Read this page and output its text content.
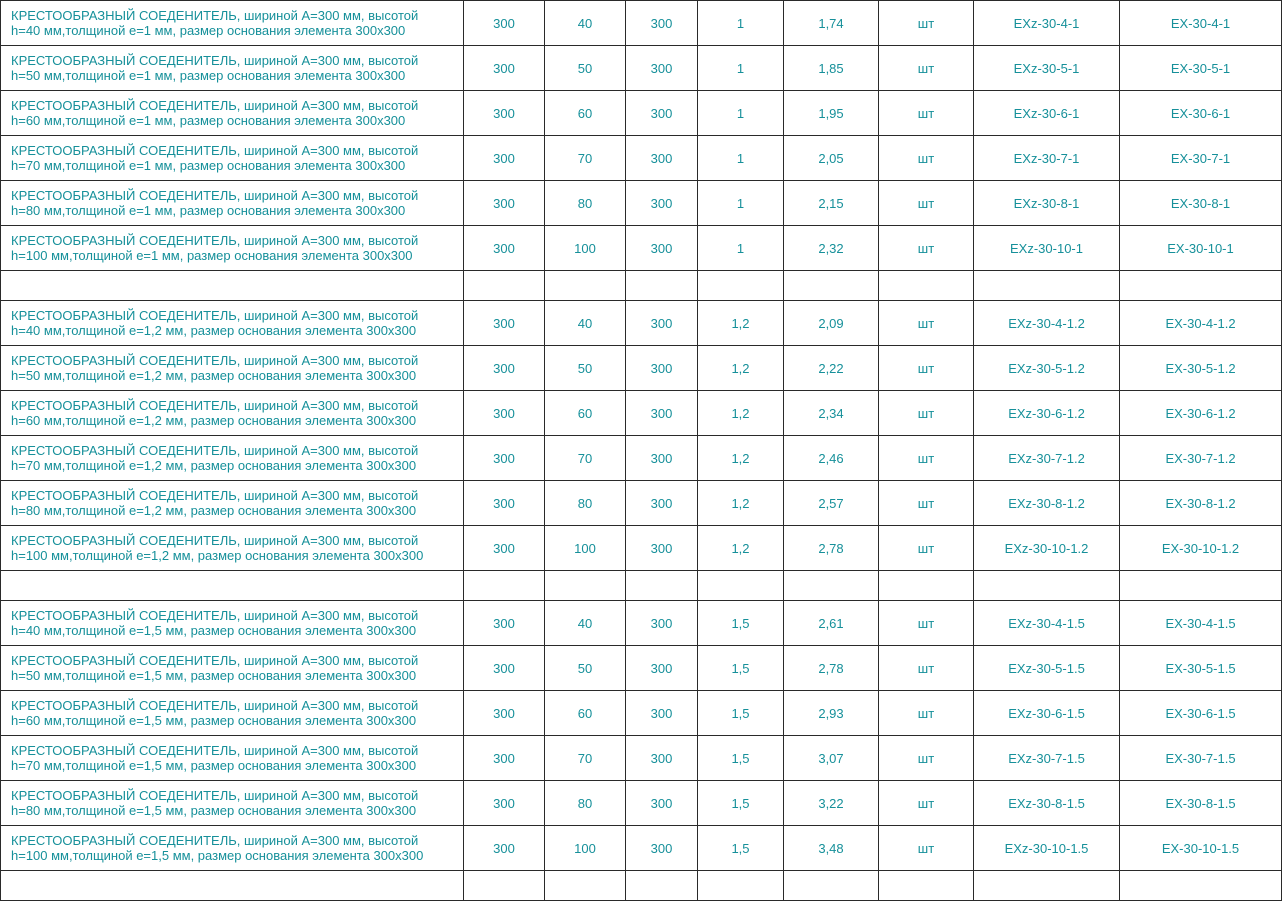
КРЕСТООБРАЗНЫЙ СОЕДЕНИТЕЛЬ, шириной А=300 мм, высотой
h=40 мм,толщиной е=1 мм, размер основания элемента 300х300	300	40	300	1	1,74	шт	EXz-30-4-1	EX-30-4-1

КРЕСТООБРАЗНЫЙ СОЕДЕНИТЕЛЬ, шириной А=300 мм, высотой
h=50 мм,толщиной е=1 мм, размер основания элемента 300х300	300	50	300	1	1,85	шт	EXz-30-5-1	EX-30-5-1

КРЕСТООБРАЗНЫЙ СОЕДЕНИТЕЛЬ, шириной А=300 мм, высотой
h=60 мм,толщиной е=1 мм, размер основания элемента 300х300	300	60	300	1	1,95	шт	EXz-30-6-1	EX-30-6-1

КРЕСТООБРАЗНЫЙ СОЕДЕНИТЕЛЬ, шириной А=300 мм, высотой
h=70 мм,толщиной е=1 мм, размер основания элемента 300х300	300	70	300	1	2,05	шт	EXz-30-7-1	EX-30-7-1

КРЕСТООБРАЗНЫЙ СОЕДЕНИТЕЛЬ, шириной А=300 мм, высотой
h=80 мм,толщиной е=1 мм, размер основания элемента 300х300	300	80	300	1	2,15	шт	EXz-30-8-1	EX-30-8-1

КРЕСТООБРАЗНЫЙ СОЕДЕНИТЕЛЬ, шириной А=300 мм, высотой
h=100 мм,толщиной е=1 мм, размер основания элемента 300х300	300	100	300	1	2,32	шт	EXz-30-10-1	EX-30-10-1

КРЕСТООБРАЗНЫЙ СОЕДЕНИТЕЛЬ, шириной А=300 мм, высотой
h=40 мм,толщиной е=1,2 мм, размер основания элемента 300х300	300	40	300	1,2	2,09	шт	EXz-30-4-1.2	EX-30-4-1.2

КРЕСТООБРАЗНЫЙ СОЕДЕНИТЕЛЬ, шириной А=300 мм, высотой
h=50 мм,толщиной е=1,2 мм, размер основания элемента 300х300	300	50	300	1,2	2,22	шт	EXz-30-5-1.2	EX-30-5-1.2

КРЕСТООБРАЗНЫЙ СОЕДЕНИТЕЛЬ, шириной А=300 мм, высотой
h=60 мм,толщиной е=1,2 мм, размер основания элемента 300х300	300	60	300	1,2	2,34	шт	EXz-30-6-1.2	EX-30-6-1.2

КРЕСТООБРАЗНЫЙ СОЕДЕНИТЕЛЬ, шириной А=300 мм, высотой
h=70 мм,толщиной е=1,2 мм, размер основания элемента 300х300	300	70	300	1,2	2,46	шт	EXz-30-7-1.2	EX-30-7-1.2

КРЕСТООБРАЗНЫЙ СОЕДЕНИТЕЛЬ, шириной А=300 мм, высотой
h=80 мм,толщиной е=1,2 мм, размер основания элемента 300х300	300	80	300	1,2	2,57	шт	EXz-30-8-1.2	EX-30-8-1.2

КРЕСТООБРАЗНЫЙ СОЕДЕНИТЕЛЬ, шириной А=300 мм, высотой
h=100 мм,толщиной е=1,2 мм, размер основания элемента 300х300	300	100	300	1,2	2,78	шт	EXz-30-10-1.2	EX-30-10-1.2

КРЕСТООБРАЗНЫЙ СОЕДЕНИТЕЛЬ, шириной А=300 мм, высотой
h=40 мм,толщиной е=1,5 мм, размер основания элемента 300х300	300	40	300	1,5	2,61	шт	EXz-30-4-1.5	EX-30-4-1.5

КРЕСТООБРАЗНЫЙ СОЕДЕНИТЕЛЬ, шириной А=300 мм, высотой
h=50 мм,толщиной е=1,5 мм, размер основания элемента 300х300	300	50	300	1,5	2,78	шт	EXz-30-5-1.5	EX-30-5-1.5

КРЕСТООБРАЗНЫЙ СОЕДЕНИТЕЛЬ, шириной А=300 мм, высотой
h=60 мм,толщиной е=1,5 мм, размер основания элемента 300х300	300	60	300	1,5	2,93	шт	EXz-30-6-1.5	EX-30-6-1.5

КРЕСТООБРАЗНЫЙ СОЕДЕНИТЕЛЬ, шириной А=300 мм, высотой
h=70 мм,толщиной е=1,5 мм, размер основания элемента 300х300	300	70	300	1,5	3,07	шт	EXz-30-7-1.5	EX-30-7-1.5

КРЕСТООБРАЗНЫЙ СОЕДЕНИТЕЛЬ, шириной А=300 мм, высотой
h=80 мм,толщиной е=1,5 мм, размер основания элемента 300х300	300	80	300	1,5	3,22	шт	EXz-30-8-1.5	EX-30-8-1.5

КРЕСТООБРАЗНЫЙ СОЕДЕНИТЕЛЬ, шириной А=300 мм, высотой
h=100 мм,толщиной е=1,5 мм, размер основания элемента 300х300	300	100	300	1,5	3,48	шт	EXz-30-10-1.5	EX-30-10-1.5
